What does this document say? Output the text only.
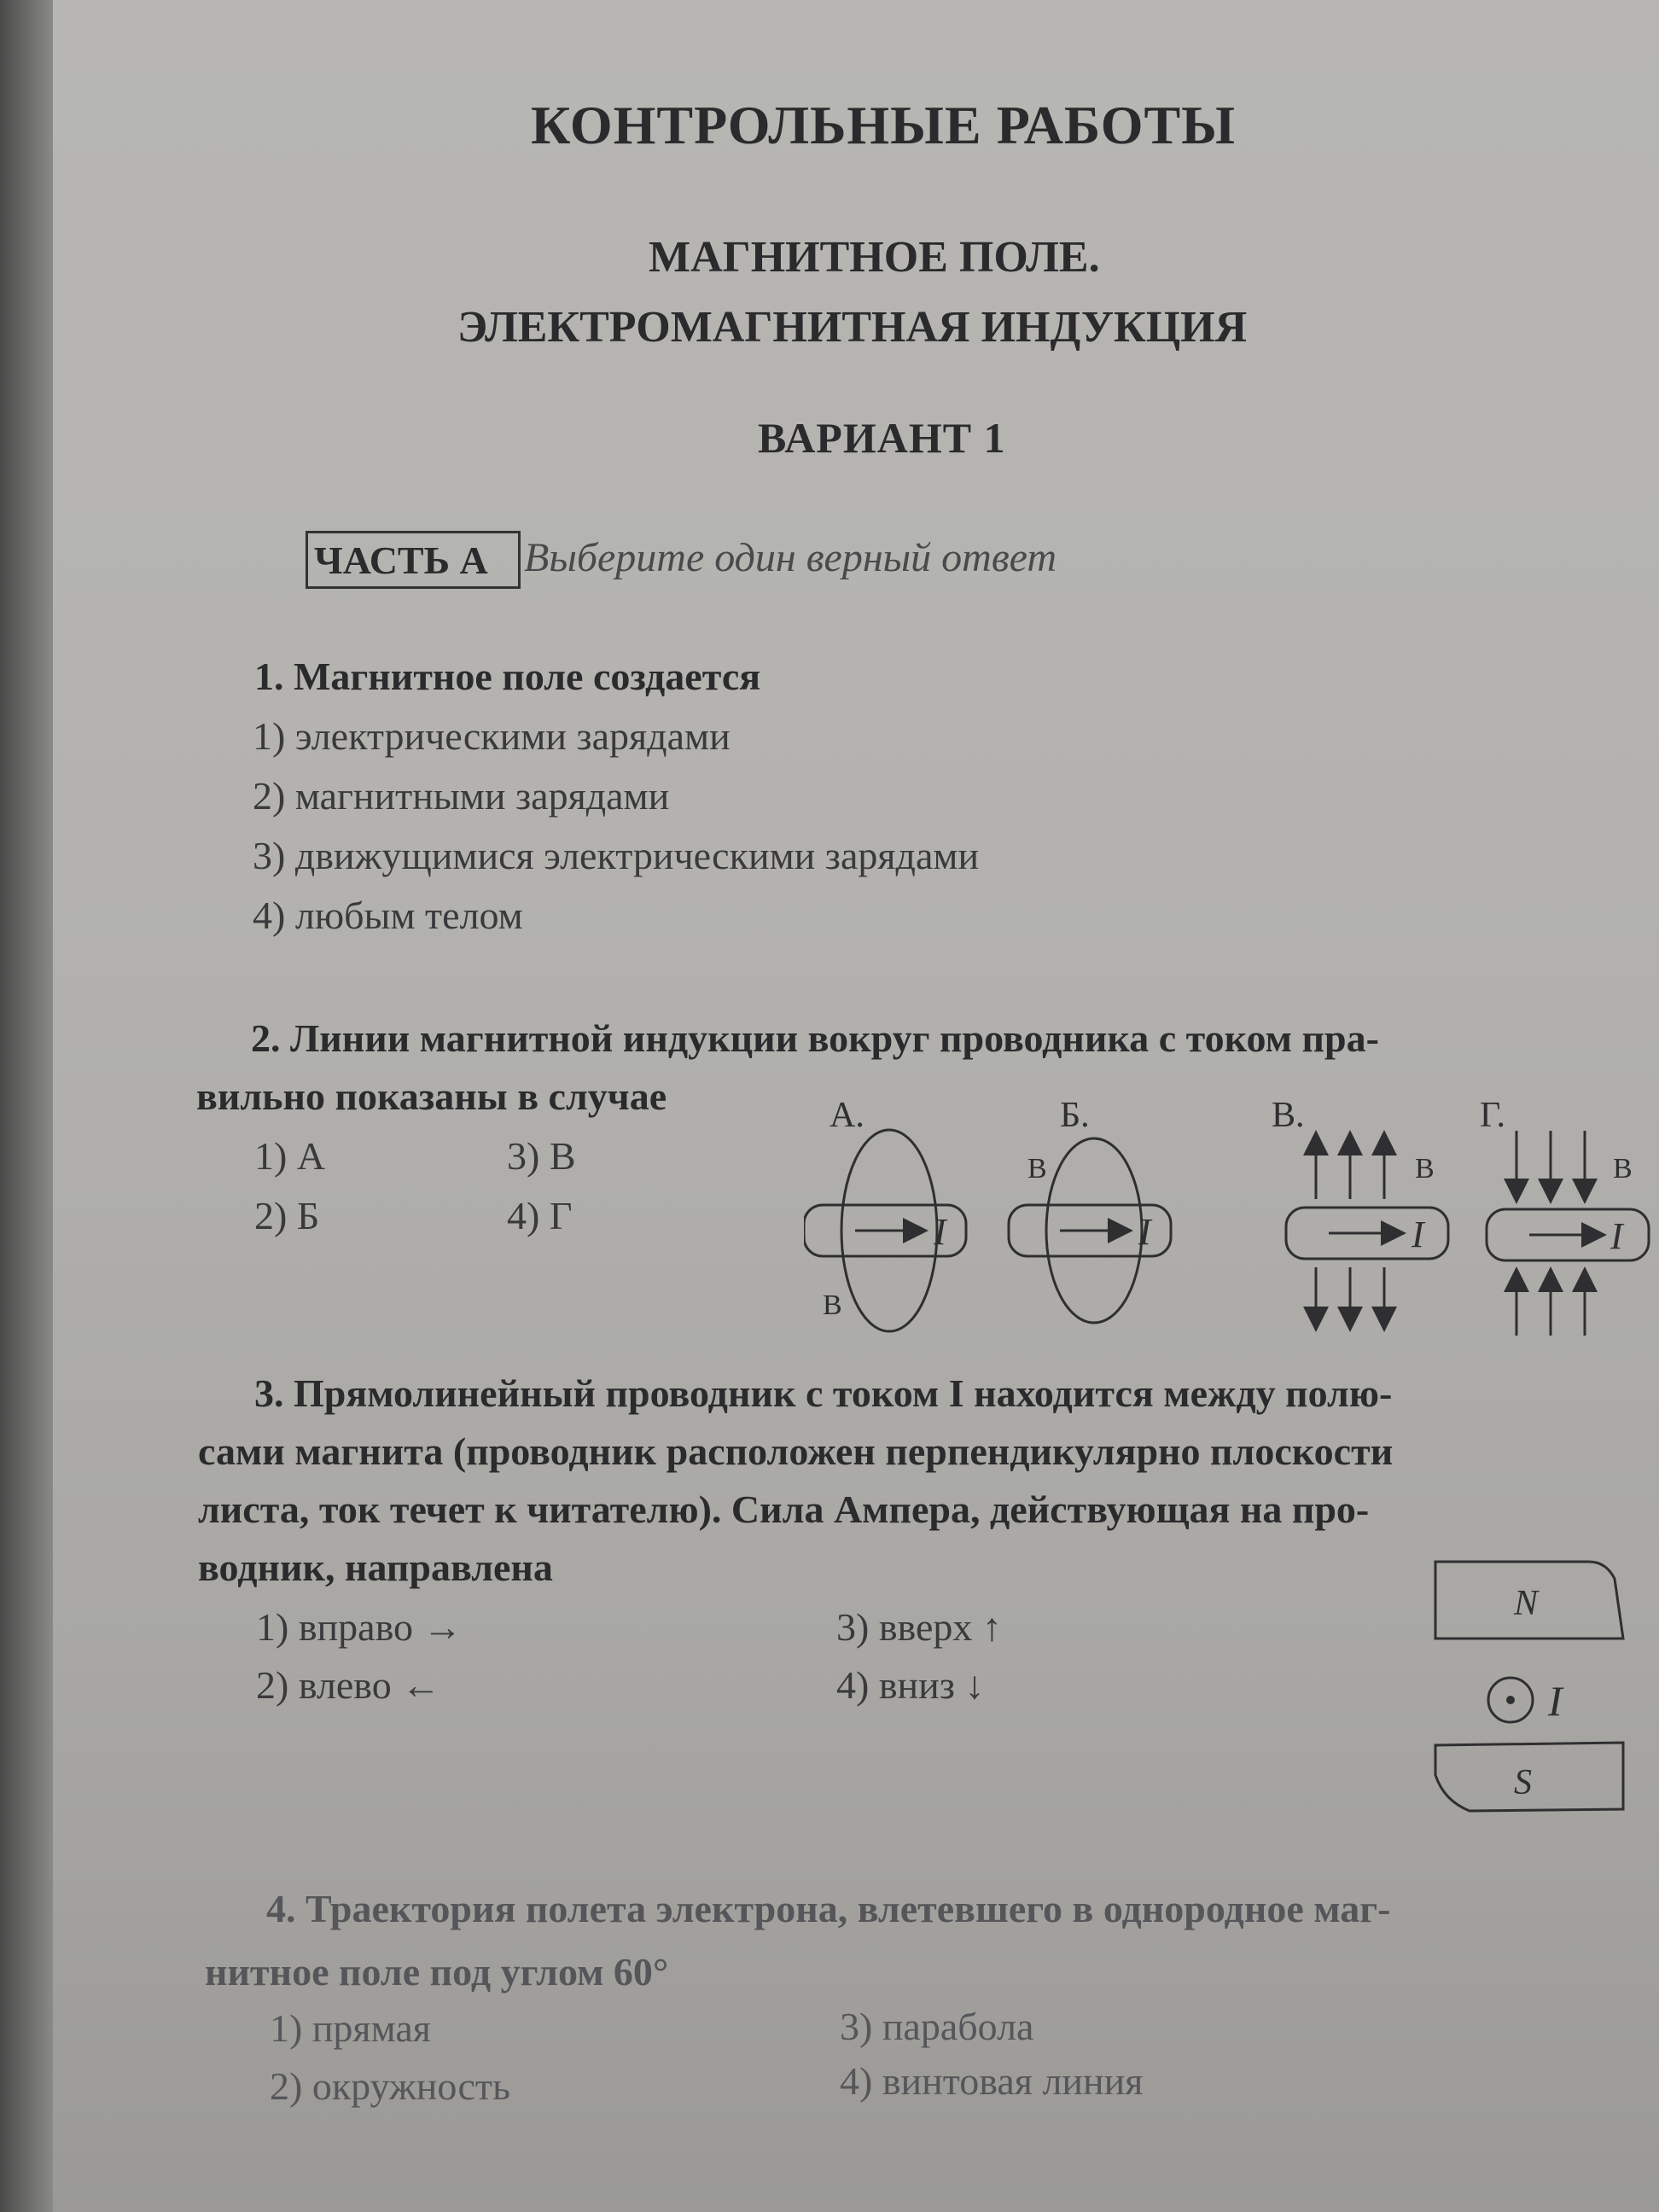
КОНТРОЛЬНЫЕ РАБОТЫ
МАГНИТНОЕ ПОЛЕ.
ЭЛЕКТРОМАГНИТНАЯ ИНДУКЦИЯ
ВАРИАНТ 1
ЧАСТЬ А Выберите один верный ответ
1. Магнитное поле создается
1) электрическими зарядами
2) магнитными зарядами
3) движущимися электрическими зарядами
4) любым телом
2. Линии магнитной индукции вокруг проводника с током пра-
вильно показаны в случае
1) А	3) В
2) Б	4) Г
А.
I
B
Б.
I
B
В.
I
B
Г.
I
B
3. Прямолинейный проводник с током I находится между полю-
сами магнита (проводник расположен перпендикулярно плоскости
листа, ток течет к читателю). Сила Ампера, действующая на про-
водник, направлена
1) вправо →	3) вверх ↑
2) влево ←	4) вниз ↓
N
I
S
4. Траектория полета электрона, влетевшего в однородное маг-
нитное поле под углом 60°
1) прямая	3) парабола
2) окружность	4) винтовая линия
